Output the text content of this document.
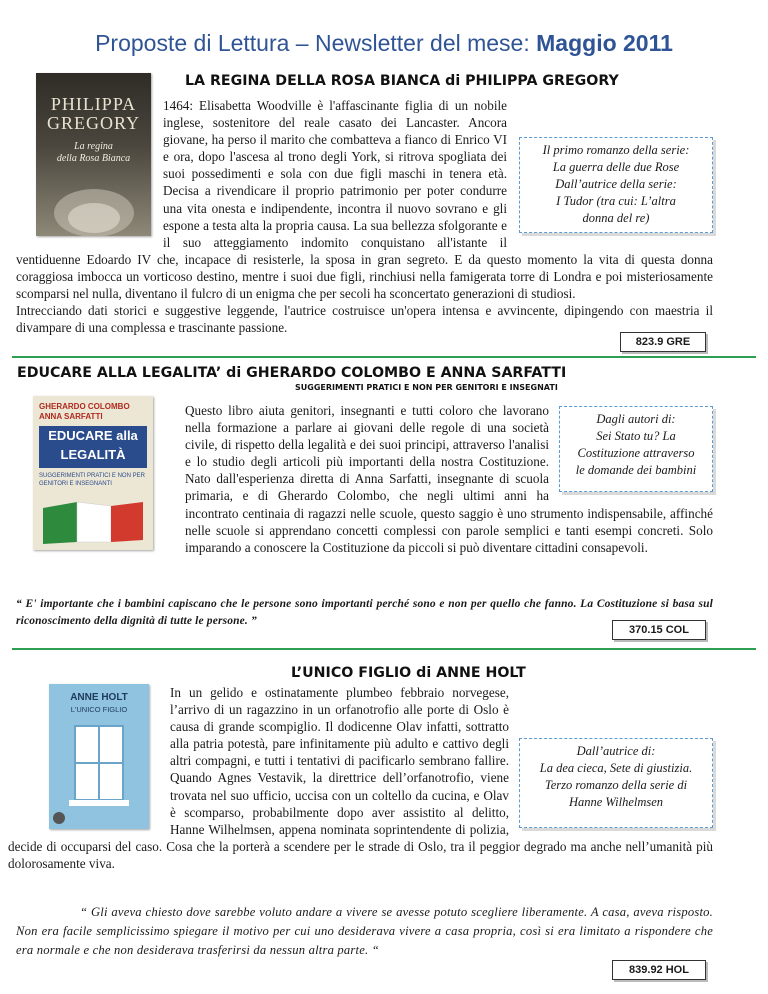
Proposte di Lettura – Newsletter del mese: Maggio 2011
LA REGINA DELLA ROSA BIANCA di PHILIPPA GREGORY
PHILIPPA GREGORY
La regina
della Rosa Bianca
Il primo romanzo della serie:
La guerra delle due Rose
Dall’autrice della serie:
I Tudor (tra cui: L’altra
donna del re)

1464: Elisabetta Woodville è l'affascinante figlia di un nobile inglese, sostenitore del reale casato dei Lancaster. Ancora giovane, ha perso il marito che combatteva a fianco di Enrico VI e ora, dopo l'ascesa al trono degli York, si ritrova spogliata dei suoi possedimenti e sola con due figli maschi in tenera età. Decisa a rivendicare il proprio patrimonio per poter condurre una vita onesta e indipendente, incontra il nuovo sovrano e gli espone a testa alta la propria causa. La sua bellezza sfolgorante e il suo atteggiamento indomito conquistano all'istante il ventiduenne Edoardo IV che, incapace di resisterle, la sposa in gran segreto. E da questo momento la vita di questa donna coraggiosa imbocca un vorticoso destino, mentre i suoi due figli, rinchiusi nella famigerata torre di Londra e poi misteriosamente scomparsi nel nulla, diventano il fulcro di un enigma che per secoli ha sconcertato generazioni di studiosi.

Intrecciando dati storici e suggestive leggende, l'autrice costruisce un'opera intensa e avvincente, dipingendo con maestria il divampare di una complessa e trascinante passione.

823.9 GRE
EDUCARE ALLA LEGALITA’ di GHERARDO COLOMBO E ANNA SARFATTI
SUGGERIMENTI PRATICI E NON PER GENITORI E INSEGNATI
GHERARDO COLOMBO
ANNA SARFATTI
EDUCARE alla
LEGALITÀ
SUGGERIMENTI PRATICI E NON PER GENITORI E INSEGNANTI
Dagli autori di:
Sei Stato tu? La
Costituzione attraverso
le domande dei bambini

Questo libro aiuta genitori, insegnanti e tutti coloro che lavorano nella formazione a parlare ai giovani delle regole di una società civile, di rispetto della legalità e dei suoi principi, attraverso l'analisi e lo studio degli articoli più importanti della nostra Costituzione. Nato dall'esperienza diretta di Anna Sarfatti, insegnante di scuola primaria, e di Gherardo Colombo, che negli ultimi anni ha incontrato centinaia di ragazzi nelle scuole, questo saggio è uno strumento indispensabile, affinché nelle scuole si apprendano concetti complessi con parole semplici e tanti esempi concreti. Solo imparando a conoscere la Costituzione da piccoli si può diventare cittadini consapevoli.

“ E' importante che i bambini capiscano che le persone sono importanti perché sono e non per quello che fanno. La Costituzione si basa sul riconoscimento della dignità di tutte le persone. ”
370.15 COL
L’UNICO FIGLIO di ANNE HOLT
ANNE HOLT
L'UNICO FIGLIO
Dall’autrice di:
La dea cieca, Sete di giustizia.
Terzo romanzo della serie di
Hanne Wilhelmsen

In un gelido e ostinatamente plumbeo febbraio norvegese, l’arrivo di un ragazzino in un orfanotrofio alle porte di Oslo è causa di grande scompiglio. Il dodicenne Olav infatti, sottratto alla patria potestà, pare infinitamente più adulto e cattivo degli altri compagni, e tutti i tentativi di pacificarlo sembrano fallire. Quando Agnes Vestavik, la direttrice dell’orfanotrofio, viene trovata nel suo ufficio, uccisa con un coltello da cucina, e Olav è scomparso, probabilmente dopo aver assistito al delitto, Hanne Wilhelmsen, appena nominata soprintendente di polizia, decide di occuparsi del caso. Cosa che la porterà a scendere per le strade di Oslo, tra il peggior degrado ma anche nell’umanità più dolorosamente viva.

“ Gli aveva chiesto dove sarebbe voluto andare a vivere se avesse potuto scegliere liberamente. A casa, aveva risposto. Non era facile semplicissimo spiegare il motivo per cui uno desiderava vivere a casa propria, così si era limitato a rispondere che era normale e che non desiderava trasferirsi da nessun altra parte. “
839.92 HOL
